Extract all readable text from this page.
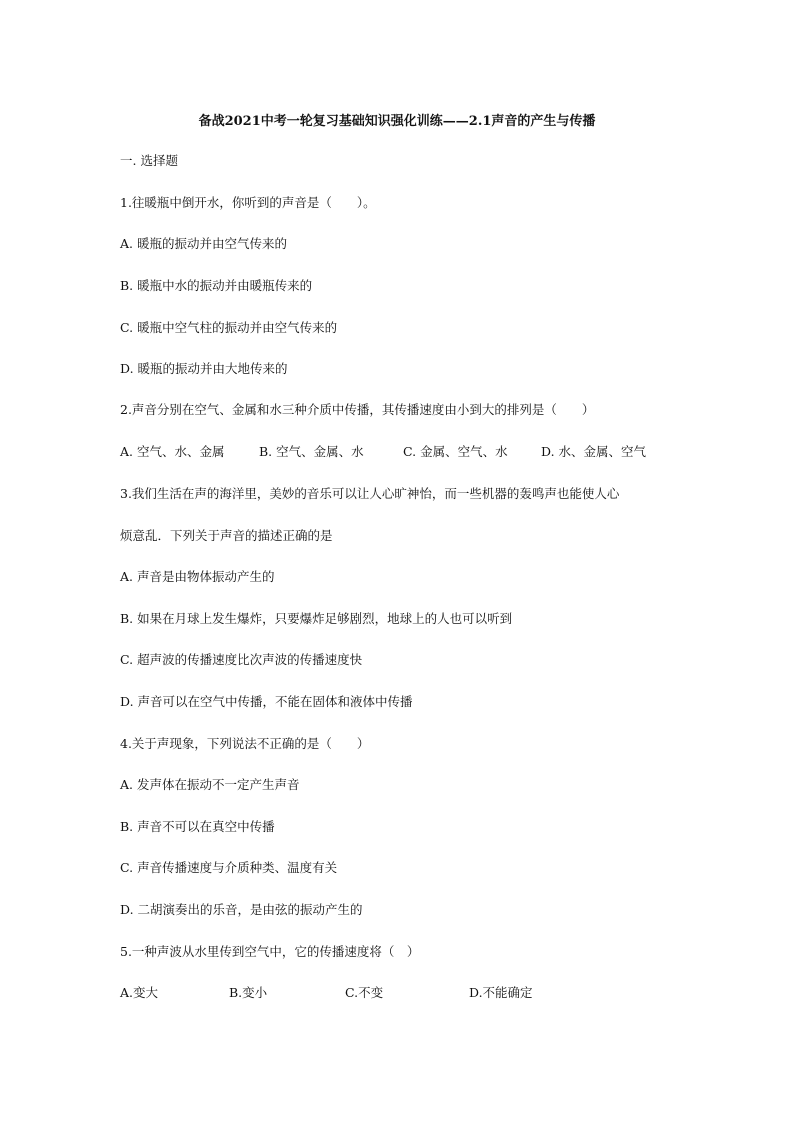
备战2021中考一轮复习基础知识强化训练——2.1声音的产生与传播
一. 选择题
1.往暖瓶中倒开水，你听到的声音是（　　）。
A. 暖瓶的振动并由空气传来的
B. 暖瓶中水的振动并由暖瓶传来的
C. 暖瓶中空气柱的振动并由空气传来的
D. 暖瓶的振动并由大地传来的
2.声音分别在空气、金属和水三种介质中传播，其传播速度由小到大的排列是（　　）
A. 空气、水、金属	B. 空气、金属、水	C. 金属、空气、水	D. 水、金属、空气
3.我们生活在声的海洋里，美妙的音乐可以让人心旷神怡，而一些机器的轰鸣声也能使人心
烦意乱．下列关于声音的描述正确的是
A. 声音是由物体振动产生的
B. 如果在月球上发生爆炸，只要爆炸足够剧烈，地球上的人也可以听到
C. 超声波的传播速度比次声波的传播速度快
D. 声音可以在空气中传播，不能在固体和液体中传播
4.关于声现象，下列说法不正确的是（　　）
A. 发声体在振动不一定产生声音
B. 声音不可以在真空中传播
C. 声音传播速度与介质种类、温度有关
D. 二胡演奏出的乐音，是由弦的振动产生的
5.一种声波从水里传到空气中，它的传播速度将（　）
A.变大	B.变小	C.不变	D.不能确定
